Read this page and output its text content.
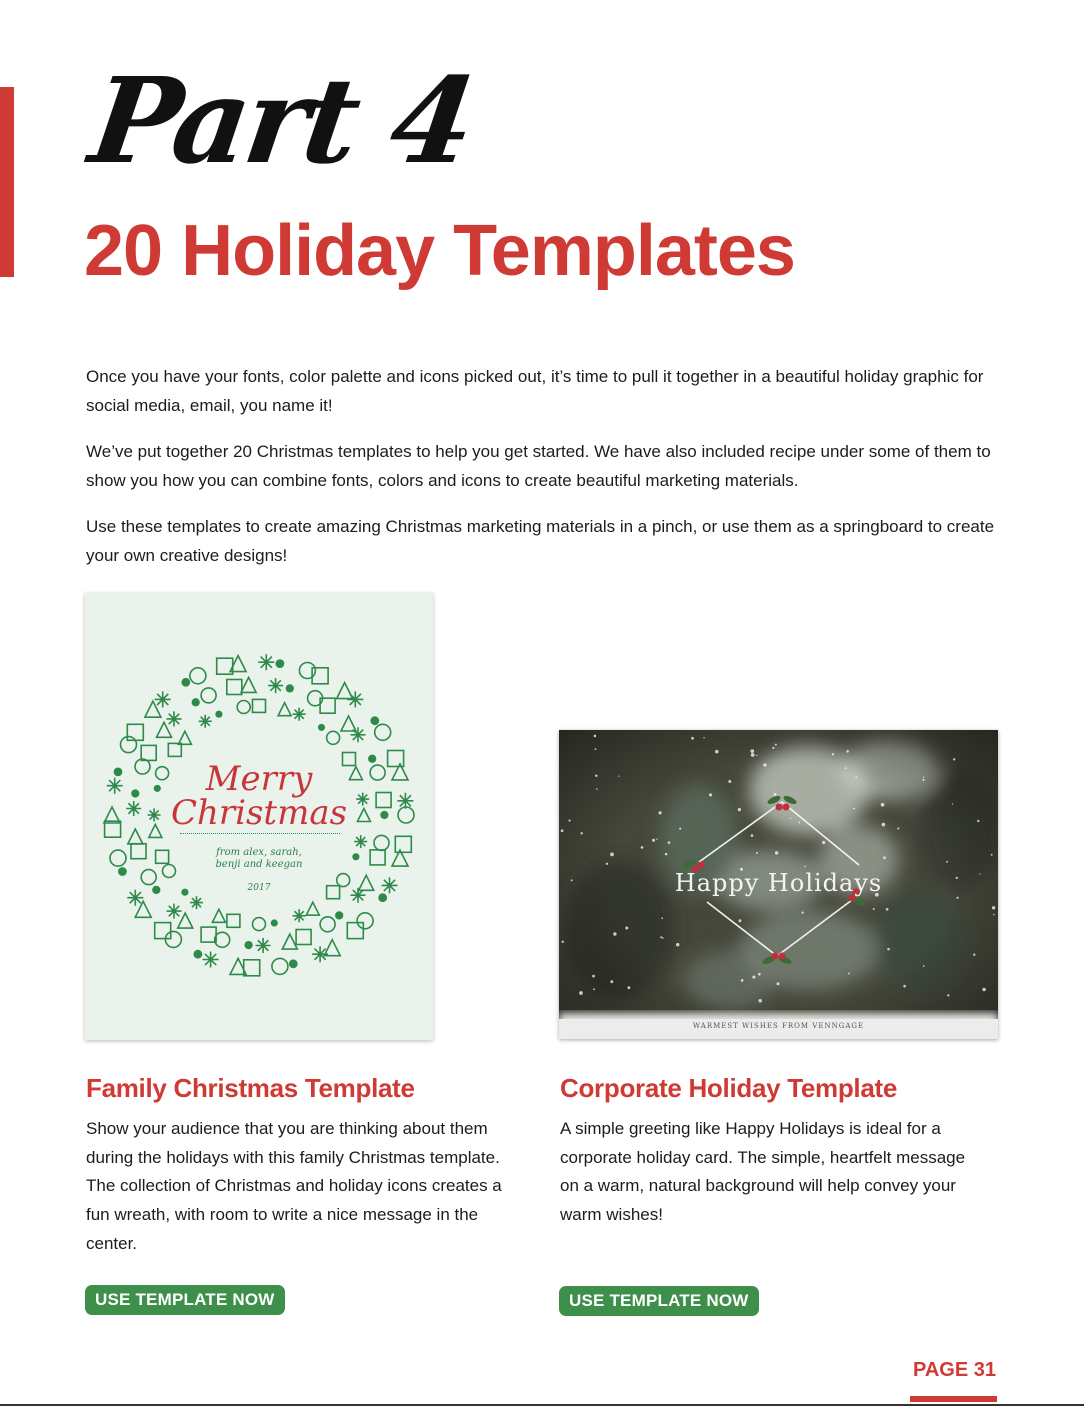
Part 4
20 Holiday Templates

Once you have your fonts, color palette and icons picked out, it’s time to pull it together in a beautiful holiday graphic for social media, email, you name it!

We’ve put together 20 Christmas templates to help you get started. We have also included recipe under some of them to show you how you can combine fonts, colors and icons to create beautiful marketing materials.

Use these templates to create amazing Christmas marketing materials in a pinch, or use them as a springboard to create your own creative designs!

Merry
Christmas
from alex, sarah,
benji and keegan
2017	Happy Holidays
WARMEST WISHES FROM VENNGAGE
Family Christmas Template

Show your audience that you are thinking about them during the holidays with this family Christmas template. The collection of Christmas and holiday icons creates a fun wreath, with room to write a nice message in the center.

USE TEMPLATE NOW
Corporate Holiday Template

A simple greeting like Happy Holidays is ideal for a corporate holiday card. The simple, heartfelt message on a warm, natural background will help convey your warm wishes!

USE TEMPLATE NOW
PAGE 31
